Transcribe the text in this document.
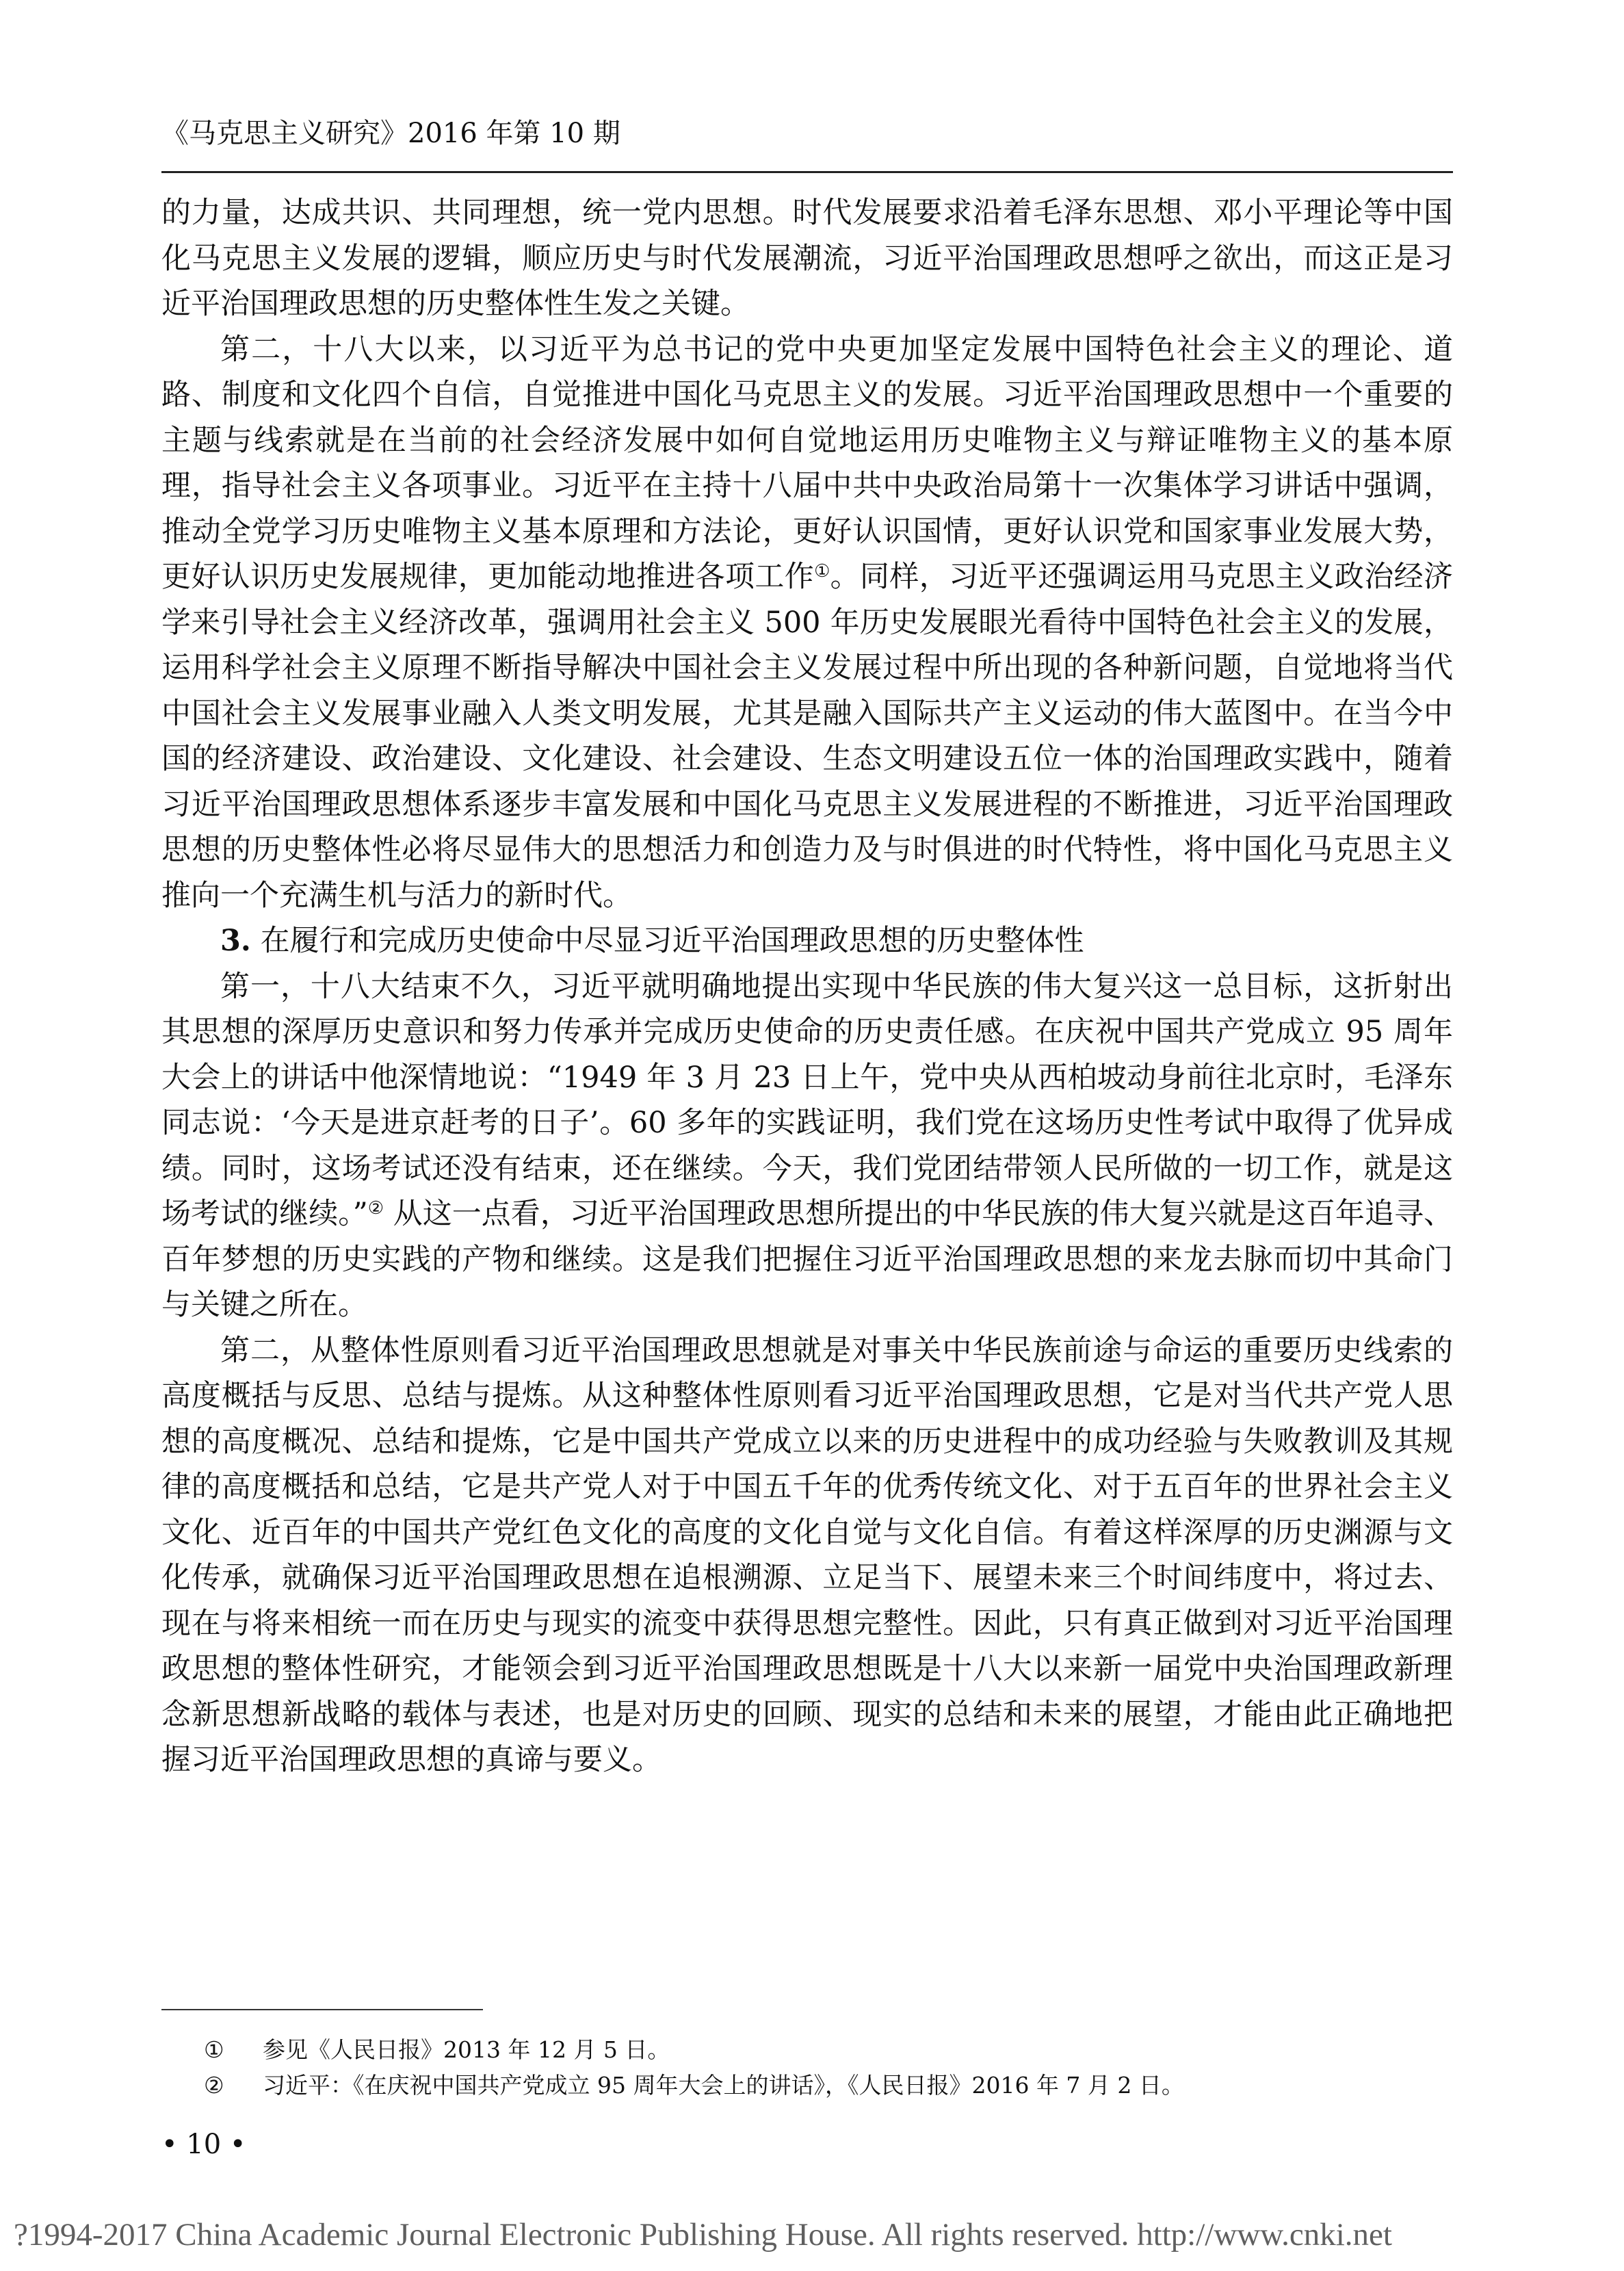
《马克思主义研究》2016 年第 10 期

的力量，达成共识、共同理想，统一党内思想。时代发展要求沿着毛泽东思想、邓小平理论等中国化马克思主义发展的逻辑，顺应历史与时代发展潮流，习近平治国理政思想呼之欲出，而这正是习近平治国理政思想的历史整体性生发之关键。

第二，十八大以来，以习近平为总书记的党中央更加坚定发展中国特色社会主义的理论、道路、制度和文化四个自信，自觉推进中国化马克思主义的发展。习近平治国理政思想中一个重要的主题与线索就是在当前的社会经济发展中如何自觉地运用历史唯物主义与辩证唯物主义的基本原理，指导社会主义各项事业。习近平在主持十八届中共中央政治局第十一次集体学习讲话中强调，推动全党学习历史唯物主义基本原理和方法论，更好认识国情，更好认识党和国家事业发展大势，更好认识历史发展规律，更加能动地推进各项工作①。同样，习近平还强调运用马克思主义政治经济学来引导社会主义经济改革，强调用社会主义 500 年历史发展眼光看待中国特色社会主义的发展，运用科学社会主义原理不断指导解决中国社会主义发展过程中所出现的各种新问题，自觉地将当代中国社会主义发展事业融入人类文明发展，尤其是融入国际共产主义运动的伟大蓝图中。在当今中国的经济建设、政治建设、文化建设、社会建设、生态文明建设五位一体的治国理政实践中，随着习近平治国理政思想体系逐步丰富发展和中国化马克思主义发展进程的不断推进，习近平治国理政思想的历史整体性必将尽显伟大的思想活力和创造力及与时俱进的时代特性，将中国化马克思主义推向一个充满生机与活力的新时代。

3. 在履行和完成历史使命中尽显习近平治国理政思想的历史整体性

第一，十八大结束不久，习近平就明确地提出实现中华民族的伟大复兴这一总目标，这折射出其思想的深厚历史意识和努力传承并完成历史使命的历史责任感。在庆祝中国共产党成立 95 周年大会上的讲话中他深情地说：“1949 年 3 月 23 日上午，党中央从西柏坡动身前往北京时，毛泽东同志说：‘今天是进京赶考的日子’。60 多年的实践证明，我们党在这场历史性考试中取得了优异成绩。同时，这场考试还没有结束，还在继续。今天，我们党团结带领人民所做的一切工作，就是这场考试的继续。”② 从这一点看，习近平治国理政思想所提出的中华民族的伟大复兴就是这百年追寻、百年梦想的历史实践的产物和继续。这是我们把握住习近平治国理政思想的来龙去脉而切中其命门与关键之所在。

第二，从整体性原则看习近平治国理政思想就是对事关中华民族前途与命运的重要历史线索的高度概括与反思、总结与提炼。从这种整体性原则看习近平治国理政思想，它是对当代共产党人思想的高度概况、总结和提炼，它是中国共产党成立以来的历史进程中的成功经验与失败教训及其规律的高度概括和总结，它是共产党人对于中国五千年的优秀传统文化、对于五百年的世界社会主义文化、近百年的中国共产党红色文化的高度的文化自觉与文化自信。有着这样深厚的历史渊源与文化传承，就确保习近平治国理政思想在追根溯源、立足当下、展望未来三个时间纬度中，将过去、现在与将来相统一而在历史与现实的流变中获得思想完整性。因此，只有真正做到对习近平治国理政思想的整体性研究，才能领会到习近平治国理政思想既是十八大以来新一届党中央治国理政新理念新思想新战略的载体与表述，也是对历史的回顾、现实的总结和未来的展望，才能由此正确地把握习近平治国理政思想的真谛与要义。

①	参见《人民日报》2013 年 12 月 5 日。
②	习近平：《在庆祝中国共产党成立 95 周年大会上的讲话》，《人民日报》2016 年 7 月 2 日。
• 10 •
?1994-2017 China Academic Journal Electronic Publishing House. All rights reserved. http://www.cnki.net
